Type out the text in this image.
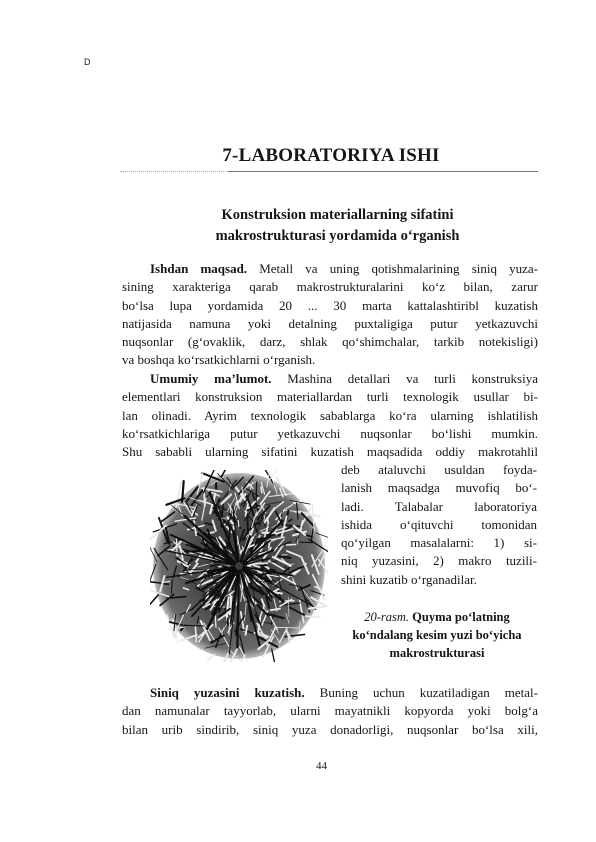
D
7-LABORATORIYA ISHI
Konstruksion materiallarning sifatini
makrostrukturasi yordamida o‘rganish
Ishdan maqsad. Metall va uning qotishmalarining siniq yuza-
sining xarakteriga qarab makrostrukturalarini ko‘z bilan, zarur
bo‘lsa lupa yordamida 20 ... 30 marta kattalashtiribl kuzatish
natijasida namuna yoki detalning puxtaligiga putur yetkazuvchi
nuqsonlar (g‘ovaklik, darz, shlak qo‘shimchalar, tarkib notekisligi)
va boshqa ko‘rsatkichlarni o‘rganish.
Umumiy ma’lumot. Mashina detallari va turli konstruksiya
elementlari konstruksion materiallardan turli texnologik usullar bi-
lan olinadi. Ayrim texnologik sabablarga ko‘ra ularning ishlatilish
ko‘rsatkichlariga putur yetkazuvchi nuqsonlar bo‘lishi mumkin.
Shu sababli ularning sifatini kuzatish maqsadida oddiy makrotahlil
deb ataluvchi usuldan foyda-
lanish maqsadga muvofiq bo‘-
ladi. Talabalar laboratoriya
ishida o‘qituvchi tomonidan
qo‘yilgan masalalarni: 1) si-
niq yuzasini, 2) makro tuzili-
shini kuzatib o‘rganadilar.
20-rasm. Quyma po‘latning
ko‘ndalang kesim yuzi bo‘yicha
makrostrukturasi
Siniq yuzasini kuzatish. Buning uchun kuzatiladigan metal-
dan namunalar tayyorlab, ularni mayatnikli kopyorda yoki bolg‘a
bilan urib sindirib, siniq yuza donadorligi, nuqsonlar bo‘lsa xili,
44
